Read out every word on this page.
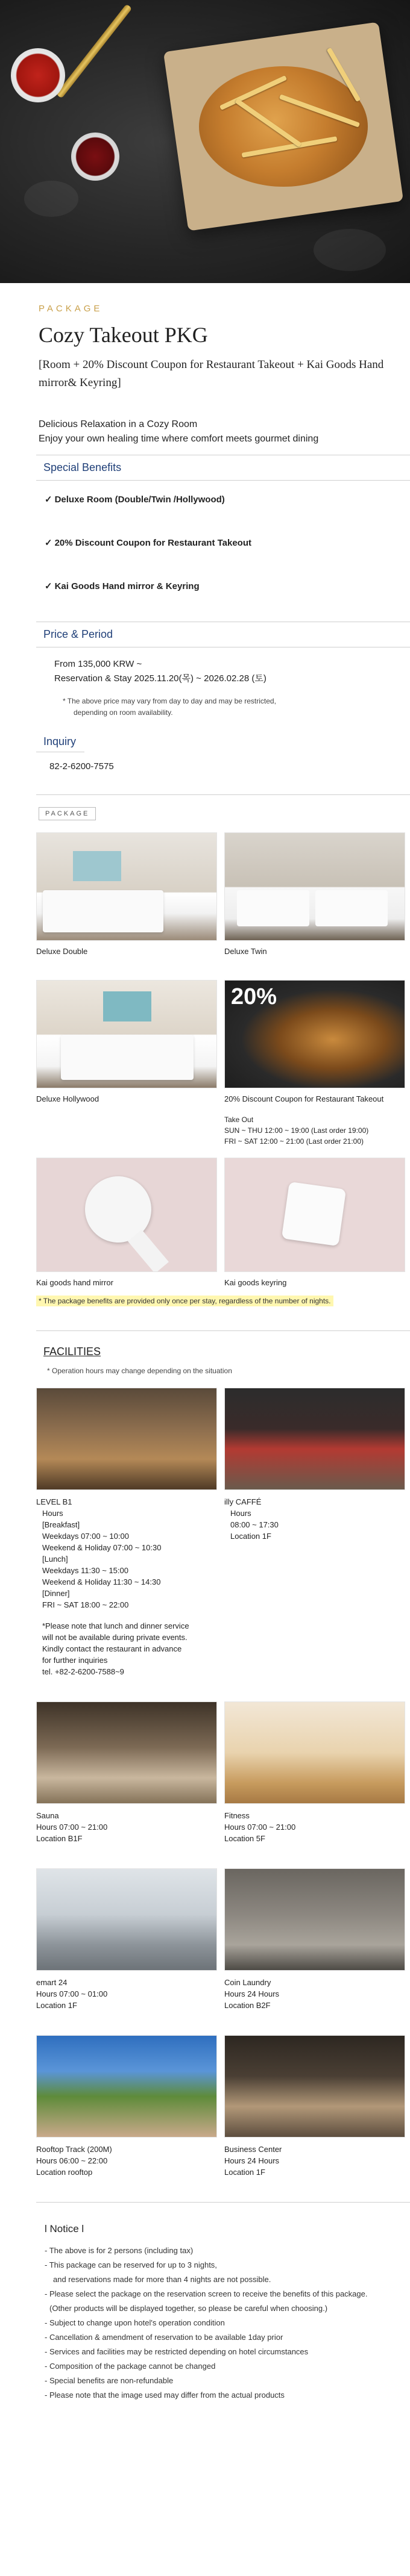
PACKAGE
Cozy Takeout PKG
[Room + 20% Discount Coupon for Restaurant Takeout + Kai Goods Hand mirror& Keyring]
Delicious Relaxation in a Cozy Room
Enjoy your own healing time where comfort meets gourmet dining
Special Benefits
✓ Deluxe Room (Double/Twin /Hollywood)
✓ 20% Discount Coupon for Restaurant Takeout
✓ Kai Goods Hand mirror & Keyring
Price & Period
From 135,000 KRW ~
Reservation & Stay 2025.11.20(목) ~ 2026.02.28 (토)
* The above price may vary from day to day and may be restricted,
depending on room availability.
Inquiry
82-2-6200-7575
PACKAGE
Deluxe Double	Deluxe Twin
Deluxe Hollywood
20%
20% Discount Coupon for Restaurant Takeout
Take Out
SUN ~ THU 12:00 ~ 19:00 (Last order 19:00)
FRI ~ SAT 12:00 ~ 21:00 (Last order 21:00)
Kai goods hand mirror	Kai goods keyring
* The package benefits are provided only once per stay, regardless of the number of nights.
FACILITIES
* Operation hours may change depending on the situation
LEVEL B1
Hours
[Breakfast]
Weekdays 07:00 ~ 10:00
Weekend & Holiday 07:00 ~ 10:30
[Lunch]
Weekdays 11:30 ~ 15:00
Weekend & Holiday 11:30 ~ 14:30
[Dinner]
FRI ~ SAT 18:00 ~ 22:00
*Please note that lunch and dinner service
will not be available during private events.
Kindly contact the restaurant in advance
for further inquiries
tel. +82-2-6200-7588~9
illy CAFFÉ
Hours
08:00 ~ 17:30
Location 1F
Sauna
Hours 07:00 ~ 21:00
Location B1F
Fitness
Hours 07:00 ~ 21:00
Location 5F
emart 24
Hours 07:00 ~ 01:00
Location 1F
Coin Laundry
Hours 24 Hours
Location B2F
Rooftop Track (200M)
Hours 06:00 ~ 22:00
Location rooftop
Business Center
Hours 24 Hours
Location 1F
l Notice l
- The above is for 2 persons (including tax)
- This package can be reserved for up to 3 nights,
and reservations made for more than 4 nights are not possible.
- Please select the package on the reservation screen to receive the benefits of this package.
(Other products will be displayed together, so please be careful when choosing.)
- Subject to change upon hotel's operation condition
- Cancellation & amendment of reservation to be available 1day prior
- Services and facilities may be restricted depending on hotel circumstances
- Composition of the package cannot be changed
- Special benefits are non-refundable
- Please note that the image used may differ from the actual products
